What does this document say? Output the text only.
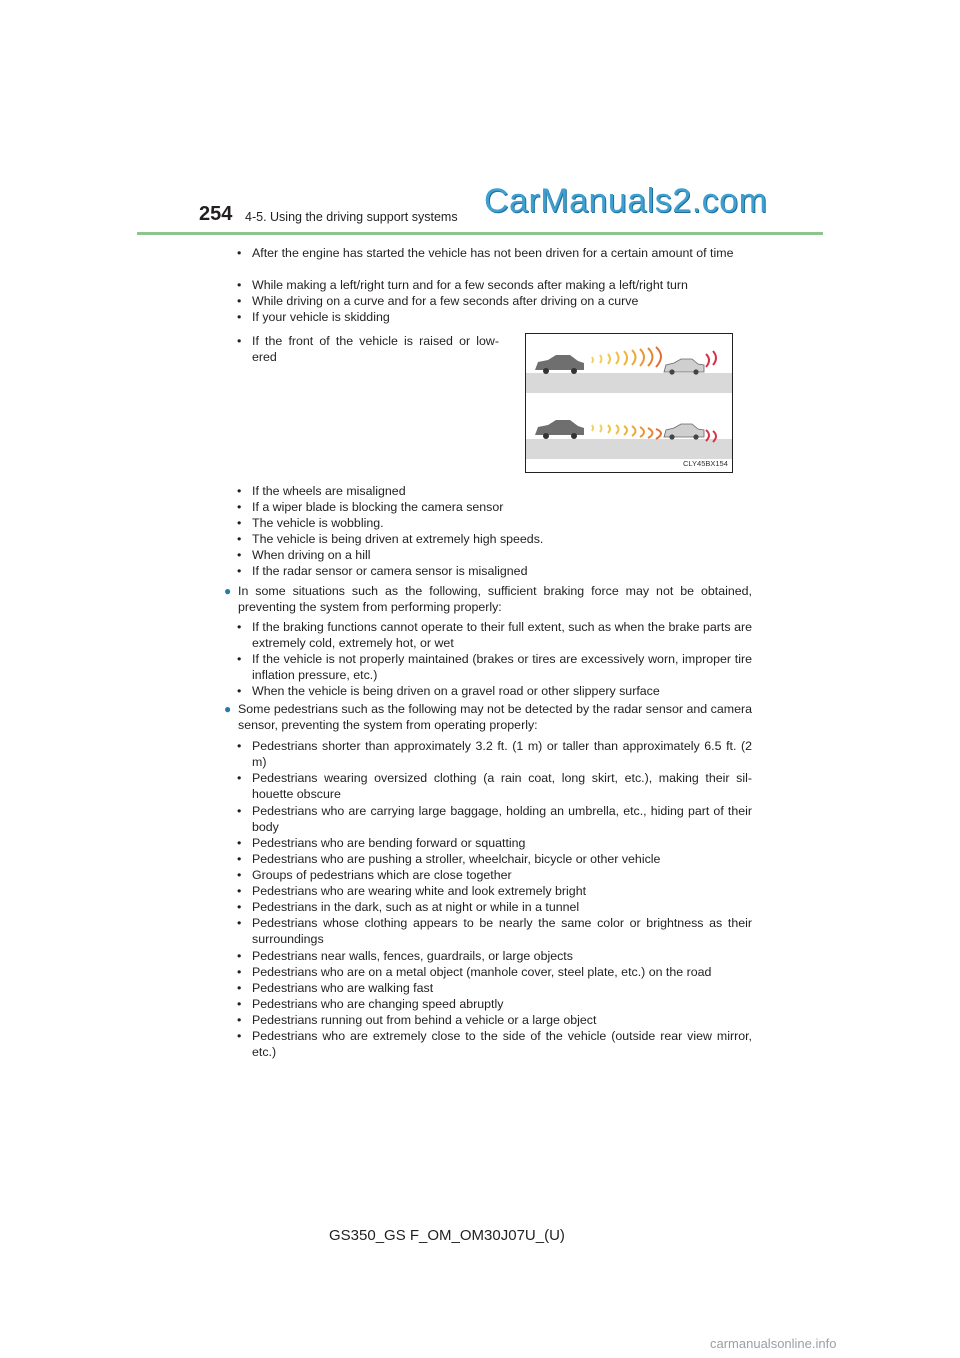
254 4-5. Using the driving support systems CarManuals2.com
• After the engine has started the vehicle has not been driven for a certain amount of time
• While making a left/right turn and for a few seconds after making a left/right turn
• While driving on a curve and for a few seconds after driving on a curve
• If your vehicle is skidding
• If the front of the vehicle is raised or low- ered
CLY45BX154
• If the wheels are misaligned
• If a wiper blade is blocking the camera sensor
• The vehicle is wobbling.
• The vehicle is being driven at extremely high speeds.
• When driving on a hill
• If the radar sensor or camera sensor is misaligned
● In some situations such as the following, sufficient braking force may not be obtained, preventing the system from performing properly:
• If the braking functions cannot operate to their full extent, such as when the brake parts are extremely cold, extremely hot, or wet
• If the vehicle is not properly maintained (brakes or tires are excessively worn, improper tire inflation pressure, etc.)
• When the vehicle is being driven on a gravel road or other slippery surface
● Some pedestrians such as the following may not be detected by the radar sensor and camera sensor, preventing the system from operating properly:
• Pedestrians shorter than approximately 3.2 ft. (1 m) or taller than approximately 6.5 ft. (2 m)
• Pedestrians wearing oversized clothing (a rain coat, long skirt, etc.), making their sil- houette obscure
• Pedestrians who are carrying large baggage, holding an umbrella, etc., hiding part of their body
• Pedestrians who are bending forward or squatting
• Pedestrians who are pushing a stroller, wheelchair, bicycle or other vehicle
• Groups of pedestrians which are close together
• Pedestrians who are wearing white and look extremely bright
• Pedestrians in the dark, such as at night or while in a tunnel
• Pedestrians whose clothing appears to be nearly the same color or brightness as their surroundings
• Pedestrians near walls, fences, guardrails, or large objects
• Pedestrians who are on a metal object (manhole cover, steel plate, etc.) on the road
• Pedestrians who are walking fast
• Pedestrians who are changing speed abruptly
• Pedestrians running out from behind a vehicle or a large object
• Pedestrians who are extremely close to the side of the vehicle (outside rear view mirror, etc.)
GS350_GS F_OM_OM30J07U_(U)
carmanualsonline.info
